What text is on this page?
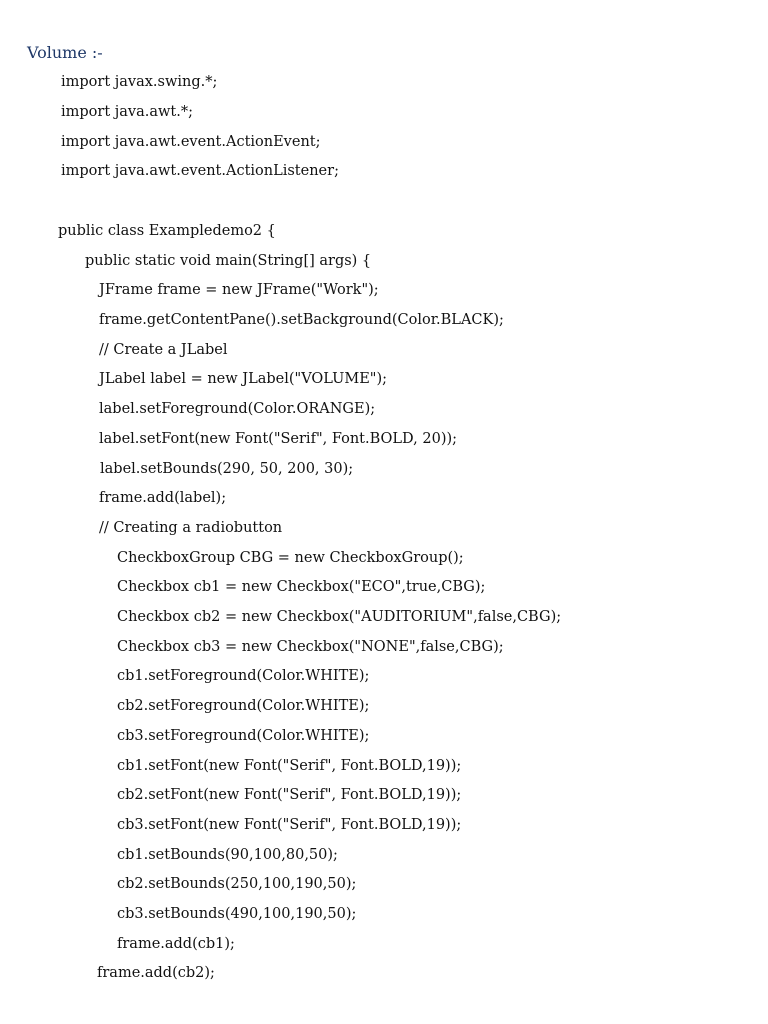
Volume :-
import javax.swing.*;
import java.awt.*;
import java.awt.event.ActionEvent;
import java.awt.event.ActionListener;
public class Exampledemo2 {
public static void main(String[] args) {
JFrame frame = new JFrame("Work");
frame.getContentPane().setBackground(Color.BLACK);
// Create a JLabel
JLabel label = new JLabel("VOLUME");
label.setForeground(Color.ORANGE);
label.setFont(new Font("Serif", Font.BOLD, 20));
label.setBounds(290, 50, 200, 30);
frame.add(label);
// Creating a radiobutton
CheckboxGroup CBG = new CheckboxGroup();
Checkbox cb1 = new Checkbox("ECO",true,CBG);
Checkbox cb2 = new Checkbox("AUDITORIUM",false,CBG);
Checkbox cb3 = new Checkbox("NONE",false,CBG);
cb1.setForeground(Color.WHITE);
cb2.setForeground(Color.WHITE);
cb3.setForeground(Color.WHITE);
cb1.setFont(new Font("Serif", Font.BOLD,19));
cb2.setFont(new Font("Serif", Font.BOLD,19));
cb3.setFont(new Font("Serif", Font.BOLD,19));
cb1.setBounds(90,100,80,50);
cb2.setBounds(250,100,190,50);
cb3.setBounds(490,100,190,50);
frame.add(cb1);
frame.add(cb2);
